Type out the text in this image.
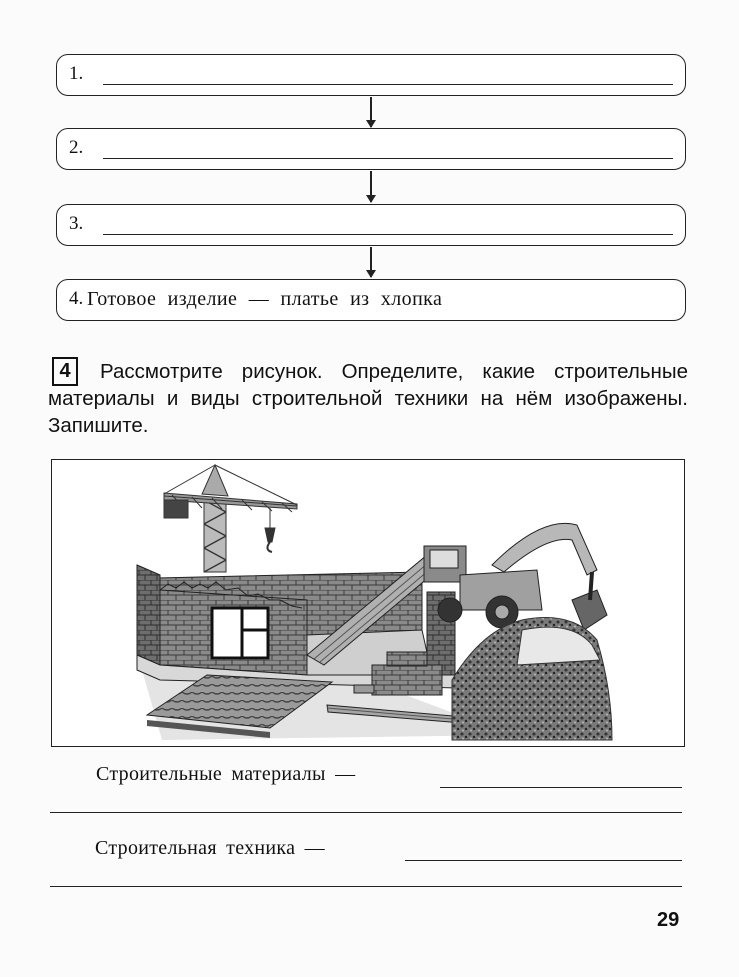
1.
2.
3.
4. Готовое изделие — платье из хлопка
4	Рассмотрите рисунок. Определите, какие строительные материалы и виды строительной техники на нём изображены. Запишите.
Строительные материалы —
Строительная техника —
29
